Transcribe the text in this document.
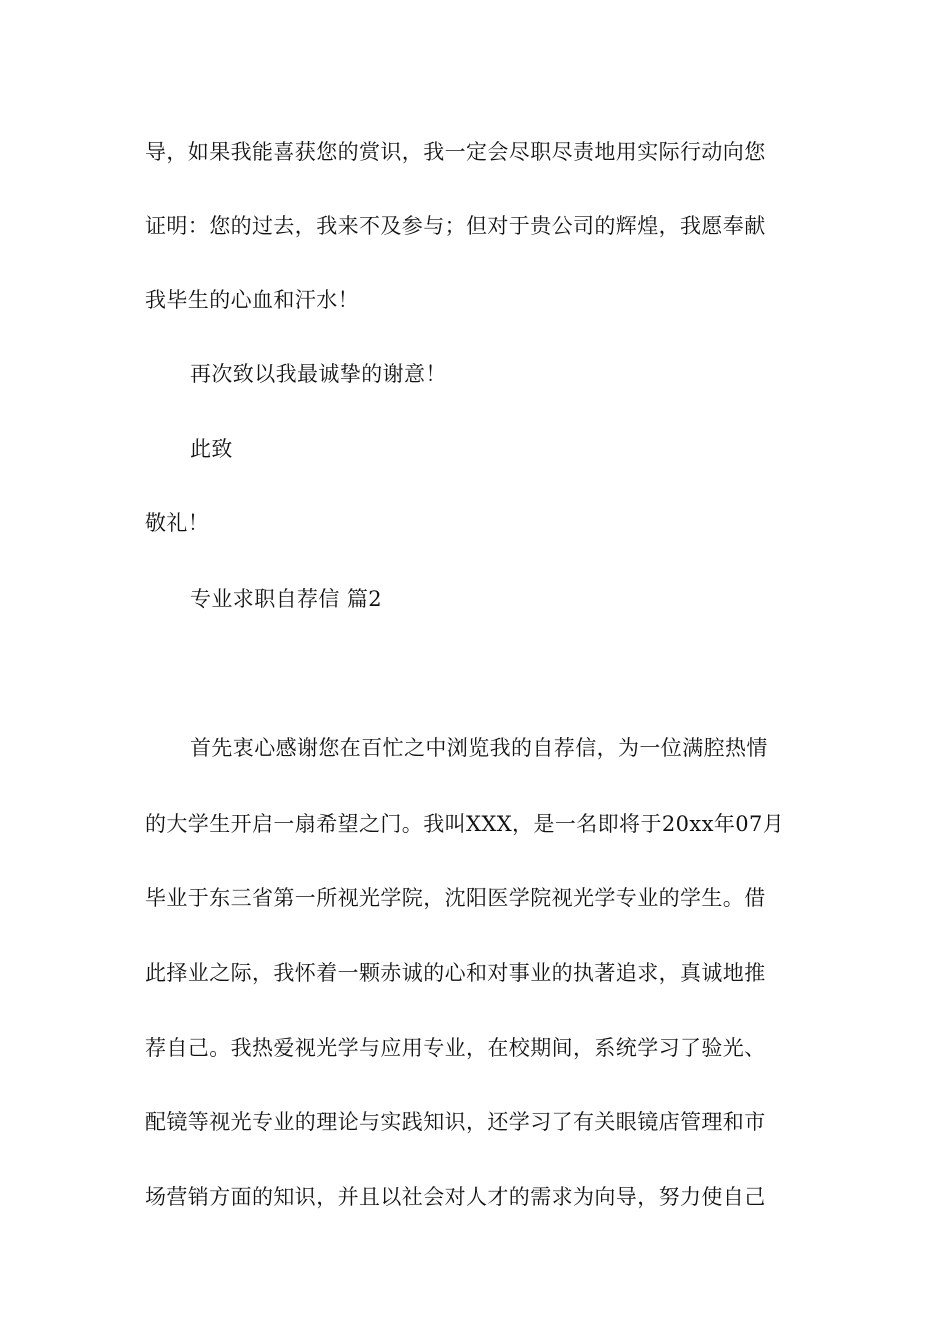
导，如果我能喜获您的赏识，我一定会尽职尽责地用实际行动向您
证明：您的过去，我来不及参与；但对于贵公司的辉煌，我愿奉献
我毕生的心血和汗水！
再次致以我最诚挚的谢意！
此致
敬礼！
专业求职自荐信 篇2
首先衷心感谢您在百忙之中浏览我的自荐信，为一位满腔热情
的大学生开启一扇希望之门。我叫XXX，是一名即将于20xx年07月
毕业于东三省第一所视光学院，沈阳医学院视光学专业的学生。借
此择业之际，我怀着一颗赤诚的心和对事业的执著追求，真诚地推
荐自己。我热爱视光学与应用专业，在校期间，系统学习了验光、
配镜等视光专业的理论与实践知识，还学习了有关眼镜店管理和市
场营销方面的知识，并且以社会对人才的需求为向导，努力使自己
